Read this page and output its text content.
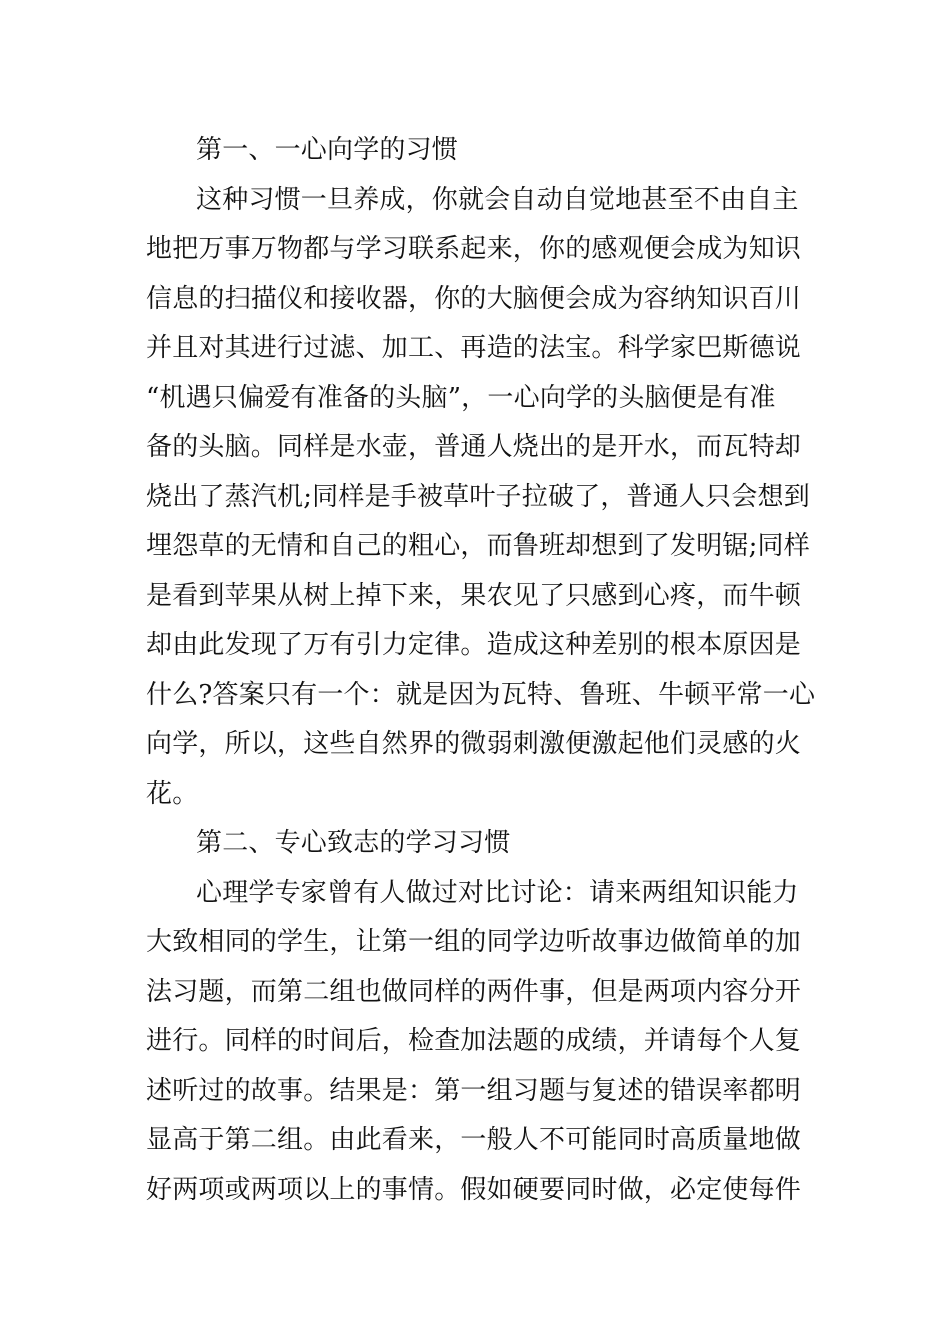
第一、一心向学的习惯
这种习惯一旦养成，你就会自动自觉地甚至不由自主
地把万事万物都与学习联系起来，你的感观便会成为知识
信息的扫描仪和接收器，你的大脑便会成为容纳知识百川
并且对其进行过滤、加工、再造的法宝。科学家巴斯德说
“机遇只偏爱有准备的头脑”，一心向学的头脑便是有准
备的头脑。同样是水壶，普通人烧出的是开水，而瓦特却
烧出了蒸汽机;同样是手被草叶子拉破了，普通人只会想到
埋怨草的无情和自己的粗心，而鲁班却想到了发明锯;同样
是看到苹果从树上掉下来，果农见了只感到心疼，而牛顿
却由此发现了万有引力定律。造成这种差别的根本原因是
什么?答案只有一个：就是因为瓦特、鲁班、牛顿平常一心
向学，所以，这些自然界的微弱刺激便激起他们灵感的火
花。
第二、专心致志的学习习惯
心理学专家曾有人做过对比讨论：请来两组知识能力
大致相同的学生，让第一组的同学边听故事边做简单的加
法习题，而第二组也做同样的两件事，但是两项内容分开
进行。同样的时间后，检查加法题的成绩，并请每个人复
述听过的故事。结果是：第一组习题与复述的错误率都明
显高于第二组。由此看来，一般人不可能同时高质量地做
好两项或两项以上的事情。假如硬要同时做，必定使每件
